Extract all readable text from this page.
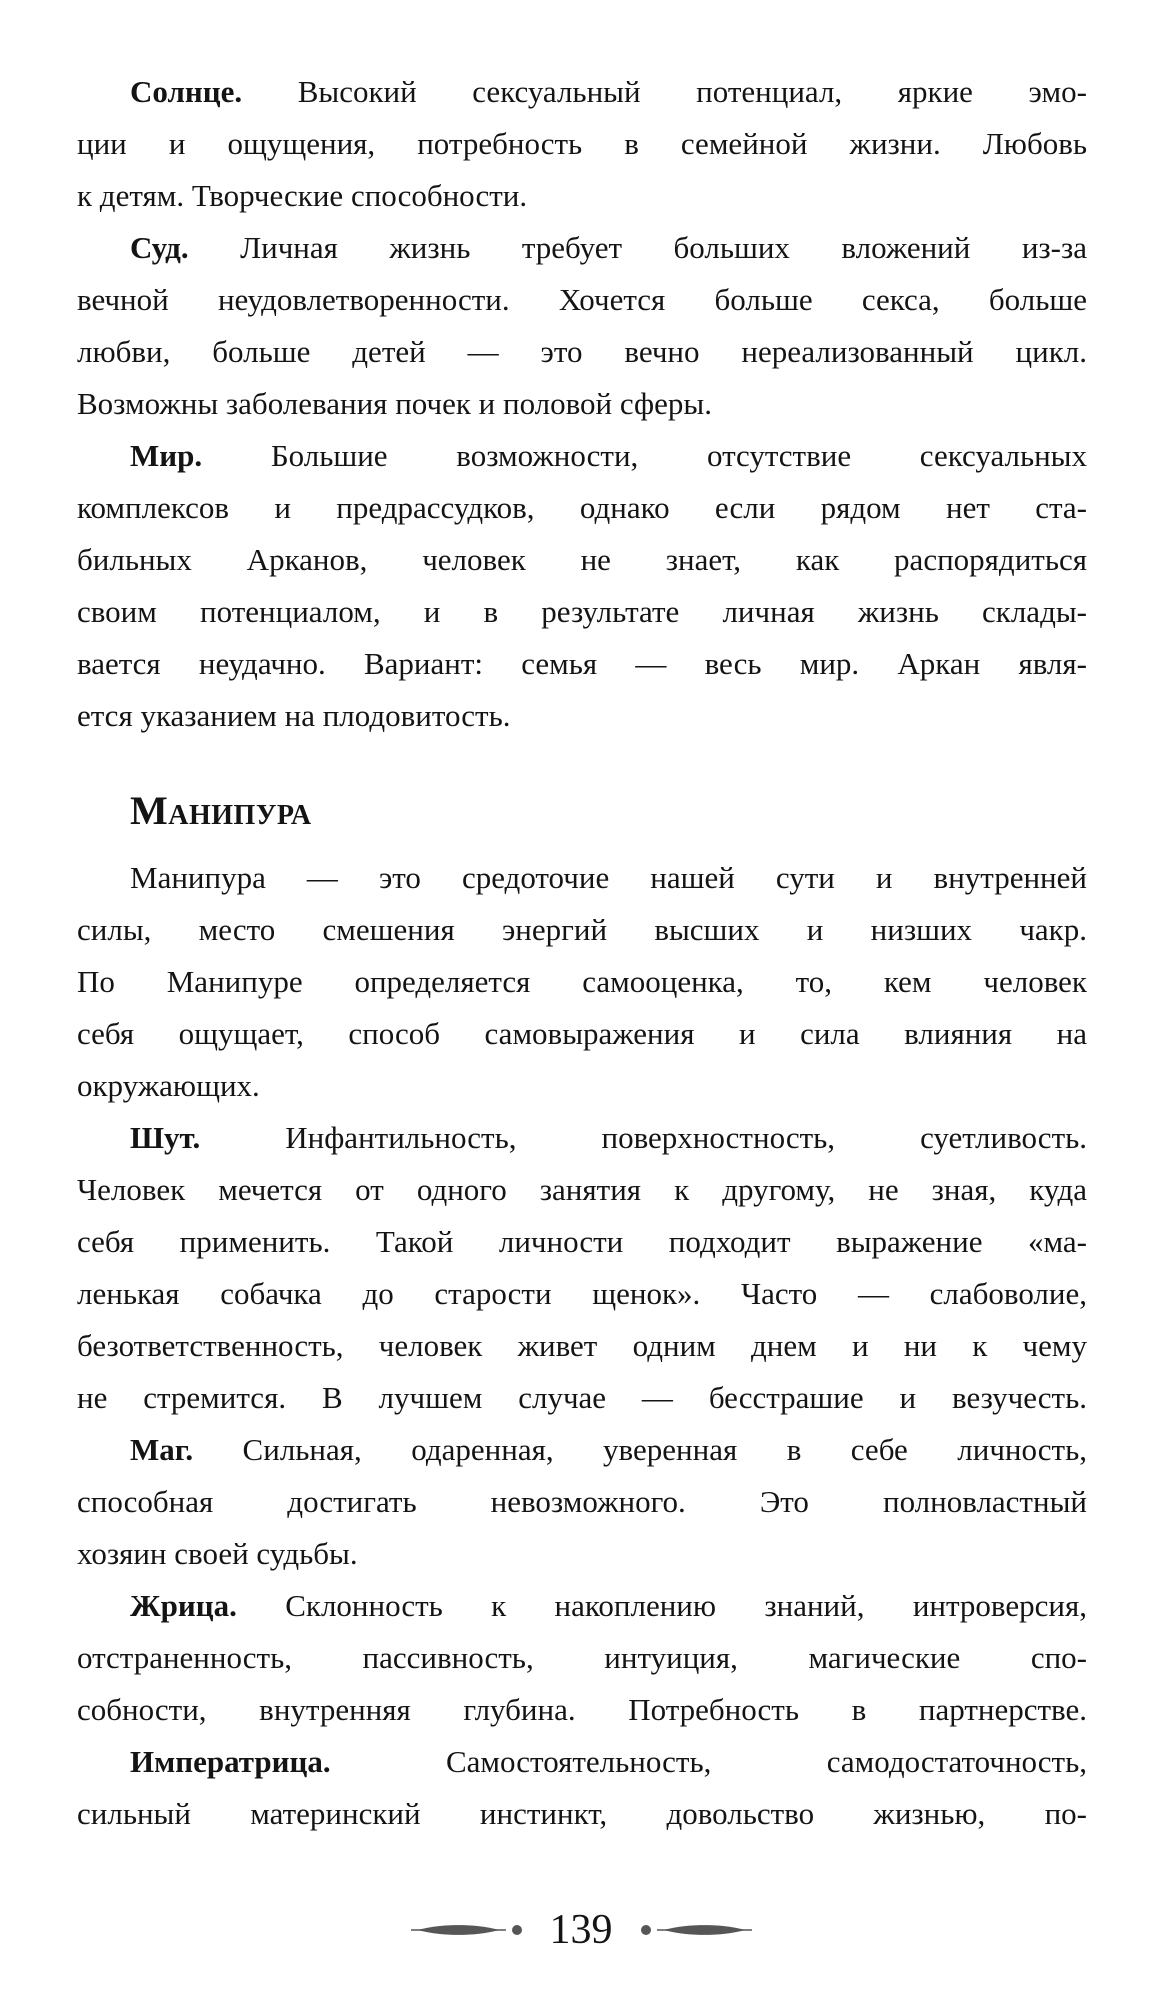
Солнце. Высокий сексуальный потенциал, яркие эмо-
ции и ощущения, потребность в семейной жизни. Любовь
к детям. Творческие способности.
Суд. Личная жизнь требует больших вложений из-за
вечной неудовлетворенности. Хочется больше секса, больше
любви, больше детей — это вечно нереализованный цикл.
Возможны заболевания почек и половой сферы.
Мир. Большие возможности, отсутствие сексуальных
комплексов и предрассудков, однако если рядом нет ста-
бильных Арканов, человек не знает, как распорядиться
своим потенциалом, и в результате личная жизнь склады-
вается неудачно. Вариант: семья — весь мир. Аркан явля-
ется указанием на плодовитость.
Манипура
Манипура — это средоточие нашей сути и внутренней
силы, место смешения энергий высших и низших чакр.
По Манипуре определяется самооценка, то, кем человек
себя ощущает, способ самовыражения и сила влияния на
окружающих.
Шут. Инфантильность, поверхностность, суетливость.
Человек мечется от одного занятия к другому, не зная, куда
себя применить. Такой личности подходит выражение «ма-
ленькая собачка до старости щенок». Часто — слабоволие,
безответственность, человек живет одним днем и ни к чему
не стремится. В лучшем случае — бесстрашие и везучесть.
Маг. Сильная, одаренная, уверенная в себе личность,
способная достигать невозможного. Это полновластный
хозяин своей судьбы.
Жрица. Склонность к накоплению знаний, интроверсия,
отстраненность, пассивность, интуиция, магические спо-
собности, внутренняя глубина. Потребность в партнерстве.
Императрица. Самостоятельность, самодостаточность,
сильный материнский инстинкт, довольство жизнью, по-
139
